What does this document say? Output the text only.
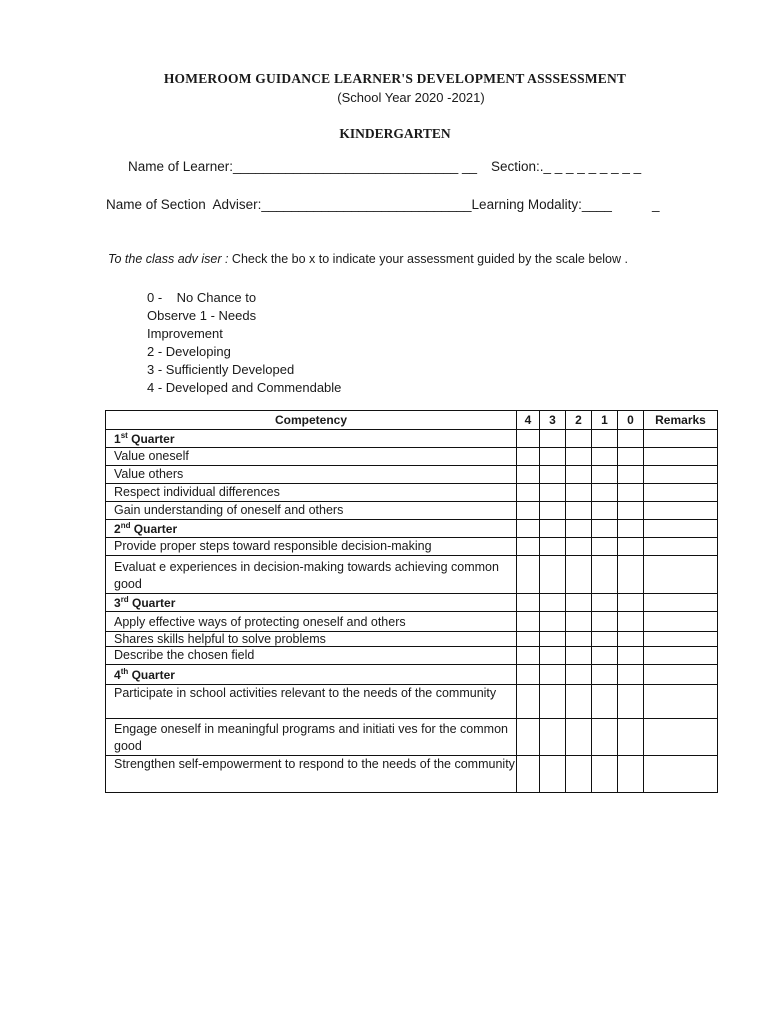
HOMEROOM GUIDANCE LEARNER'S DEVELOPMENT ASSSESSMENT
(School Year 2020 -2021)
KINDERGARTEN
Name of Learner:______________________________ __ Section:._ _ _ _ _ _ _ _ _
Name of Section  Adviser:____________________________Learning Modality:____	_
To the class adv iser : Check the bo x to indicate your assessment guided by the scale below .
0 -    No Chance to
Observe 1 - Needs
Improvement
2 - Developing
3 - Sufficiently Developed
4 - Developed and Commendable
Competency	4	3	2	1	0	Remarks
1st Quarter						
Value oneself						
Value others						
Respect individual differences						
Gain understanding of oneself and others						
2nd Quarter						
Provide proper steps toward responsible decision-making						
Evaluat e experiences in decision-making towards achieving common good						
3rd Quarter						
Apply effective ways of protecting oneself and others						
Shares skills helpful to solve problems						
Describe the chosen field						
4th Quarter						
Participate in school activities relevant to the needs of the community						
Engage oneself in meaningful programs and initiati ves for the common good						
Strengthen self-empowerment to respond to the needs of the community						
